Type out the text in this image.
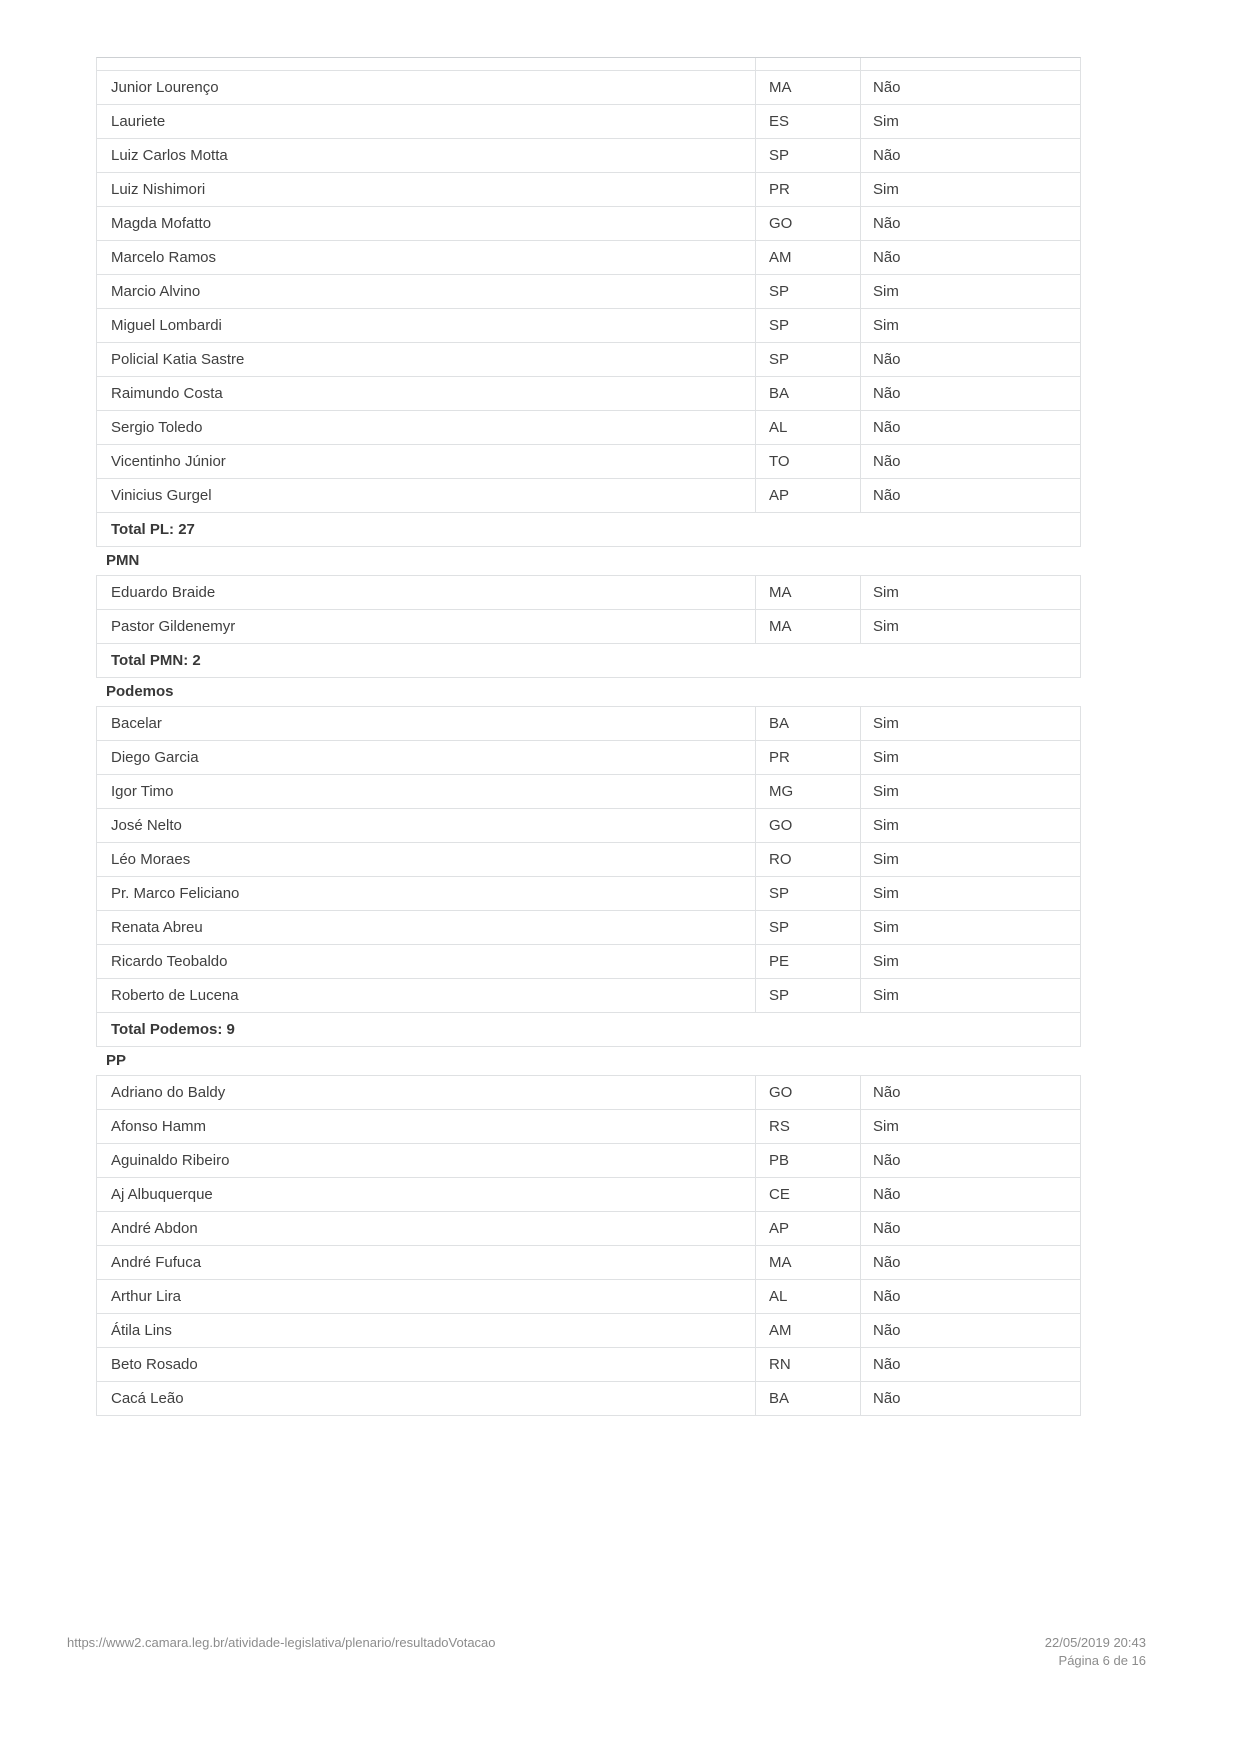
Junior Lourenço	MA	Não
Lauriete	ES	Sim
Luiz Carlos Motta	SP	Não
Luiz Nishimori	PR	Sim
Magda Mofatto	GO	Não
Marcelo Ramos	AM	Não
Marcio Alvino	SP	Sim
Miguel Lombardi	SP	Sim
Policial Katia Sastre	SP	Não
Raimundo Costa	BA	Não
Sergio Toledo	AL	Não
Vicentinho Júnior	TO	Não
Vinicius Gurgel	AP	Não
Total PL: 27
PMN
Eduardo Braide	MA	Sim
Pastor Gildenemyr	MA	Sim
Total PMN: 2
Podemos
Bacelar	BA	Sim
Diego Garcia	PR	Sim
Igor Timo	MG	Sim
José Nelto	GO	Sim
Léo Moraes	RO	Sim
Pr. Marco Feliciano	SP	Sim
Renata Abreu	SP	Sim
Ricardo Teobaldo	PE	Sim
Roberto de Lucena	SP	Sim
Total Podemos: 9
PP
Adriano do Baldy	GO	Não
Afonso Hamm	RS	Sim
Aguinaldo Ribeiro	PB	Não
Aj Albuquerque	CE	Não
André Abdon	AP	Não
André Fufuca	MA	Não
Arthur Lira	AL	Não
Átila Lins	AM	Não
Beto Rosado	RN	Não
Cacá Leão	BA	Não
https://www2.camara.leg.br/atividade-legislativa/plenario/resultadoVotacao	22/05/2019 20:43
Página 6 de 16
